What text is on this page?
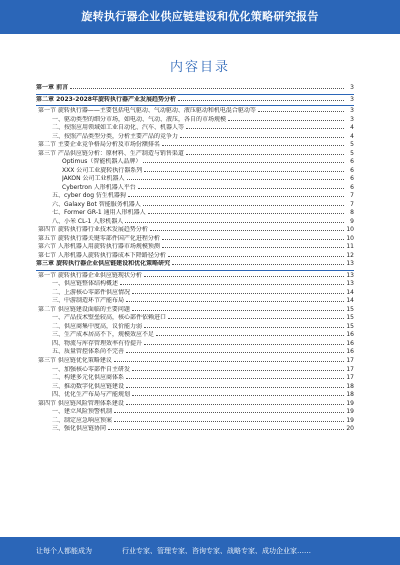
旋转执行器企业供应链建设和优化策略研究报告
内容目录
第一章 前言	3
第二章 2023-2028年旋转执行器产业发展趋势分析	3
第一节 旋转执行器——主要包括电气驱动、气动驱动、液压驱动和机电混合驱动等	3
一、驱动类型的细分市场，如电动、气动、液压，各自的市场规模	3
二、按照应用领域如工业自动化、汽车、机器人等	4
三、按照产品类型分类，分析主要产品的竞争力	4
第二节 主要企业竞争格局分析及市场份额排名	5
第三节 产品供应链分析：原材料、生产制造与销售渠道	5
Optimus（智能机器人品牌）	6
XXX 公司工业旋转执行器系列	6
JAKON 公司工业机器人	6
Cybertron 人形机器人平台	6
五、cyber dog 仿生机器狗	7
六、Galaxy Bot 智能服务机器人	7
七、Former GR-1 通用人形机器人	8
八、小米 CL-1 人形机器人	9
第四节 旋转执行器行业技术发展趋势分析	10
第五节 旋转执行器关键零部件国产化进程分析	10
第六节 人形机器人用旋转执行器市场规模预测	11
第七节 人形机器人旋转执行器成本下降路径分析	12
第三章 旋转执行器企业供应链建设和优化策略研究	13
第一节 旋转执行器企业供应链现状分析	13
一、供应链整体结构概述	13
二、上游核心零部件供应情况	14
三、中游制造环节产能布局	14
第二节 供应链建设面临的主要问题	15
一、产品技术壁垒较高，核心部件依赖进口	15
二、供应商集中度高，议价能力弱	15
三、生产成本居高不下，规模效应不足	16
四、物流与库存管理效率有待提升	16
五、质量管控体系尚不完善	16
第三节 供应链优化策略建议	17
一、加强核心零部件自主研发	17
二、构建多元化供应商体系	17
三、推动数字化供应链建设	18
四、优化生产布局与产能规划	18
第四节 供应链风险管理体系建设	19
一、建立风险预警机制	19
二、制定应急响应预案	19
三、强化供应链协同	20
让每个人都能成为	行业专家、管理专家、咨询专家、战略专家、成功企业家……
